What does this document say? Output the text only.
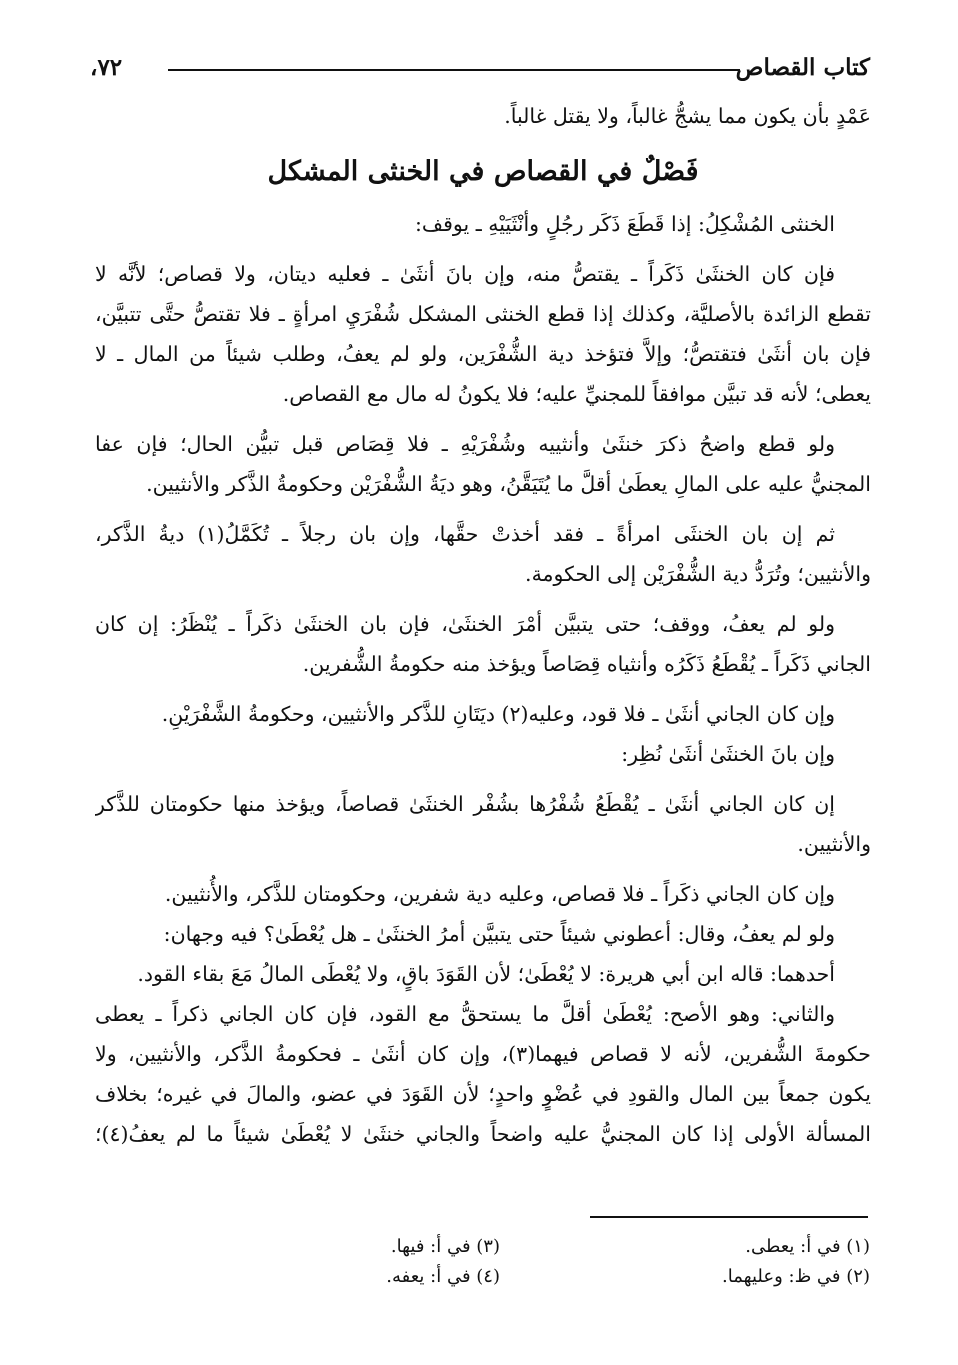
كتاب القصاص
٧٢،
عَمْدٍ بأن يكون مما يشجُّ غالباً، ولا يقتل غالباً.
فَصْلٌ في القصاص في الخنثى المشكل
الخنثى المُشْكِلُ: إذا قَطَعَ ذَكَر رجُلٍ وأنْثَيَيْهِ ـ يوقف:
فإن كان الخنثَىٰ ذَكَراً ـ يقتصُّ منه، وإن بانَ أنثَىٰ ـ فعليه ديتان، ولا قصاص؛ لأنَّه لا
تقطع الزائدة بالأصليَّة، وكذلك إذا قطع الخنثى المشكل شُفْرَيِ امرأةٍ ـ فلا تقتصُّ حتَّى تتبيَّن،
فإن بان أنثَىٰ فتقتصُّ؛ وإلاَّ فتؤخذ دية الشُّفْرَين، ولو لم يعفُ، وطلب شيئاً من المال ـ لا
يعطى؛ لأنه قد تبيَّن موافقاً للمجنيِّ عليه؛ فلا يكونُ له مال مع القصاص.
ولو قطع واضحُ ذكرَ خنثَىٰ وأنثييه وشُفْرَيْهِ ـ فلا قِصَاص قبل تبيُّن الحال؛ فإن عفا
المجنيُّ عليه على المالِ يعطَىٰ أقلَّ ما يُتَيَقَّنُ، وهو ديَةُ الشُّفْرَيْن وحكومةُ الذَّكر والأنثيين.
ثم إن بان الخنثَى امرأةً ـ فقد أخذتْ حقَّها، وإن بان رجلاً ـ تُكَمَّلُ(١) ديةُ الذَّكر،
والأنثيين؛ وتُرَدُّ دية الشُّفْرَيْن إلى الحكومة.
ولو لم يعفُ، ووقف؛ حتى يتبيَّن أمْرَ الخنثَىٰ، فإن بان الخنثَىٰ ذكَراً ـ يُنْظَرُ: إن كان
الجاني ذَكَراً ـ يُقْطَعُ ذَكَرُه وأنثياه قِصَاصاً ويؤخذ منه حكومةُ الشُّفرين.
وإن كان الجاني أنثَىٰ ـ فلا قود، وعليه(٢) ديَتَانِ للذَّكر والأنثيين، وحكومةُ الشَّفْرَيْنِ.
وإن بانَ الخنثَىٰ أنثَىٰ نُظِر:
إن كان الجاني أنثَىٰ ـ يُقْطَعُ شُفْرُها بشُفْر الخنثَىٰ قصاصاً، ويؤخذ منها حكومتان للذَّكر
والأنثيين.
وإن كان الجاني ذكَراً ـ فلا قصاص، وعليه دية شفرين، وحكومتان للذَّكر، والأُنثيين.
ولو لم يعفُ، وقال: أعطوني شيئاً حتى يتبيَّن أمرُ الخنثَىٰ ـ هل يُعْطَىٰ؟ فيه وجهان:
أحدهما: قاله ابن أبي هريرة: لا يُعْطَىٰ؛ لأن القَوَدَ باقٍ، ولا يُعْطَى المالُ مَعَ بقاء القود.
والثاني: وهو الأصح: يُعْطَىٰ أقلَّ ما يستحقُّ مع القود، فإن كان الجاني ذكراً ـ يعطى
حكومةَ الشُّفرين، لأنه لا قصاص فيهما(٣)، وإن كان أنثَىٰ ـ فحكومةُ الذَّكر، والأنثيين، ولا
يكون جمعاً بين المال والقودِ في عُضْوٍ واحدٍ؛ لأن القَوَدَ في عضو، والمالَ في غيره؛ بخلاف
المسألة الأولى إذا كان المجنيُّ عليه واضحاً والجاني خنثَىٰ لا يُعْطَىٰ شيئاً ما لم يعفُ(٤)؛
(١) في أ: يعطى.
(٢) في ظ: وعليهما.
(٣) في أ: فيها.
(٤) في أ: يعفه.
